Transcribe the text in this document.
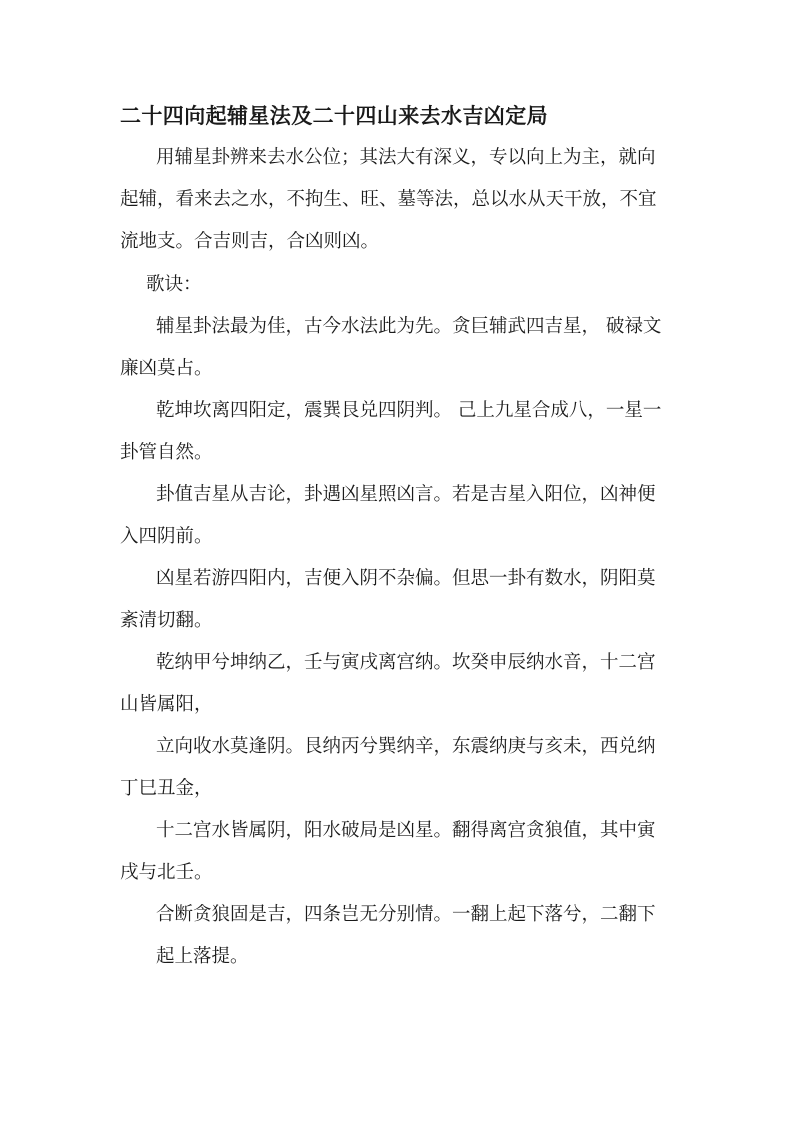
二十四向起辅星法及二十四山来去水吉凶定局
用辅星卦辨来去水公位；其法大有深义，专以向上为主，就向
起辅，看来去之水，不拘生、旺、墓等法，总以水从天干放，不宜
流地支。合吉则吉，合凶则凶。
歌诀：
辅星卦法最为佳，古今水法此为先。贪巨辅武四吉星， 破禄文
廉凶莫占。
乾坤坎离四阳定，震巽艮兑四阴判。 己上九星合成八，一星一
卦管自然。
卦值吉星从吉论，卦遇凶星照凶言。若是吉星入阳位，凶神便
入四阴前。
凶星若游四阳内，吉便入阴不杂偏。但思一卦有数水，阴阳莫
紊清切翻。
乾纳甲兮坤纳乙，壬与寅戌离宫纳。坎癸申辰纳水音，十二宫
山皆属阳，
立向收水莫逢阴。艮纳丙兮巽纳辛，东震纳庚与亥未，西兑纳
丁巳丑金，
十二宫水皆属阴，阳水破局是凶星。翻得离宫贪狼值，其中寅
戌与北壬。
合断贪狼固是吉，四条岂无分别情。一翻上起下落兮，二翻下
起上落提。
